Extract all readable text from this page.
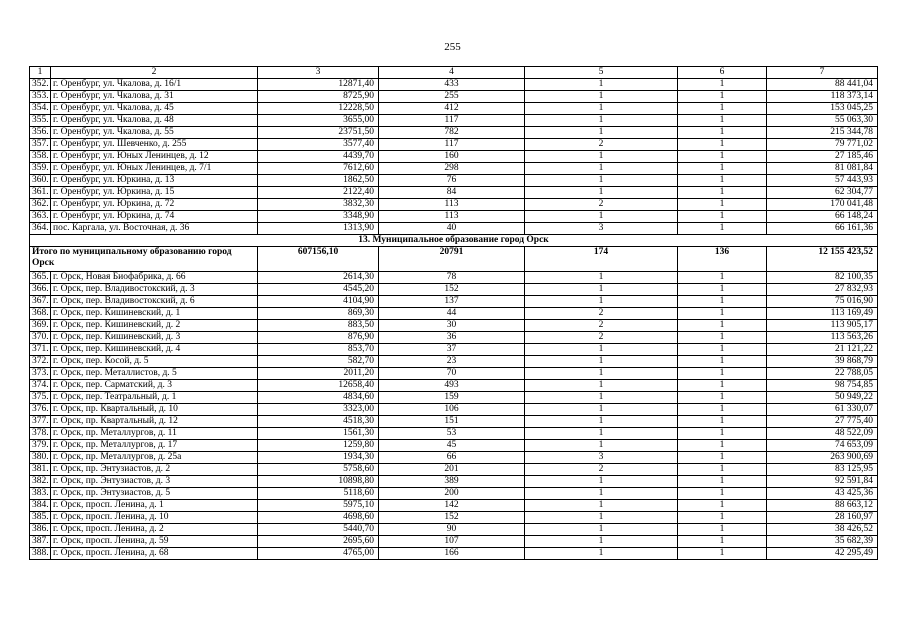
255
1	2	3	4	5	6	7
352.	г. Оренбург, ул. Чкалова, д. 16/1	12871,40	433	1	1	88 441,04
353.	г. Оренбург, ул. Чкалова, д. 31	8725,90	255	1	1	118 373,14
354.	г. Оренбург, ул. Чкалова, д. 45	12228,50	412	1	1	153 045,25
355.	г. Оренбург, ул. Чкалова, д. 48	3655,00	117	1	1	55 063,30
356.	г. Оренбург, ул. Чкалова, д. 55	23751,50	782	1	1	215 344,78
357.	г. Оренбург, ул. Шевченко, д. 255	3577,40	117	2	1	79 771,02
358.	г. Оренбург, ул. Юных Ленинцев, д. 12	4439,70	160	1	1	27 185,46
359.	г. Оренбург, ул. Юных Ленинцев, д. 7/1	7612,60	298	1	1	81 081,84
360.	г. Оренбург, ул. Юркина, д. 13	1862,50	76	1	1	57 443,93
361.	г. Оренбург, ул. Юркина, д. 15	2122,40	84	1	1	62 304,77
362.	г. Оренбург, ул. Юркина, д. 72	3832,30	113	2	1	170 041,48
363.	г. Оренбург, ул. Юркина, д. 74	3348,90	113	1	1	66 148,24
364.	пос. Каргала, ул. Восточная, д. 36	1313,90	40	3	1	66 161,36
13. Муниципальное образование город Орск						
Итого по муниципальному образованию город Орск		607156,10	20791	174	136	12 155 423,52
365.	г. Орск, Новая Биофабрика, д. 66	2614,30	78	1	1	82 100,35
366.	г. Орск, пер. Владивостокский, д. 3	4545,20	152	1	1	27 832,93
367.	г. Орск, пер. Владивостокский, д. 6	4104,90	137	1	1	75 016,90
368.	г. Орск, пер. Кишиневский, д. 1	869,30	44	2	1	113 169,49
369.	г. Орск, пер. Кишиневский, д. 2	883,50	30	2	1	113 905,17
370.	г. Орск, пер. Кишиневский, д. 3	876,90	36	2	1	113 563,26
371.	г. Орск, пер. Кишиневский, д. 4	853,70	37	1	1	21 121,22
372.	г. Орск, пер. Косой, д. 5	582,70	23	1	1	39 868,79
373.	г. Орск, пер. Металлистов, д. 5	2011,20	70	1	1	22 788,05
374.	г. Орск, пер. Сарматский, д. 3	12658,40	493	1	1	98 754,85
375.	г. Орск, пер. Театральный, д. 1	4834,60	159	1	1	50 949,22
376.	г. Орск, пр. Квартальный, д. 10	3323,00	106	1	1	61 330,07
377.	г. Орск, пр. Квартальный, д. 12	4518,30	151	1	1	27 775,40
378.	г. Орск, пр. Металлургов, д. 11	1561,30	53	1	1	48 522,09
379.	г. Орск, пр. Металлургов, д. 17	1259,80	45	1	1	74 653,09
380.	г. Орск, пр. Металлургов, д. 25а	1934,30	66	3	1	263 900,69
381.	г. Орск, пр. Энтузиастов, д. 2	5758,60	201	2	1	83 125,95
382.	г. Орск, пр. Энтузиастов, д. 3	10898,80	389	1	1	92 591,84
383.	г. Орск, пр. Энтузиастов, д. 5	5118,60	200	1	1	43 425,36
384.	г. Орск, просп. Ленина, д. 1	5975,10	142	1	1	88 663,12
385.	г. Орск, просп. Ленина, д. 10	4698,60	152	1	1	28 160,97
386.	г. Орск, просп. Ленина, д. 2	5440,70	90	1	1	38 426,52
387.	г. Орск, просп. Ленина, д. 59	2695,60	107	1	1	35 682,39
388.	г. Орск, просп. Ленина, д. 68	4765,00	166	1	1	42 295,49
